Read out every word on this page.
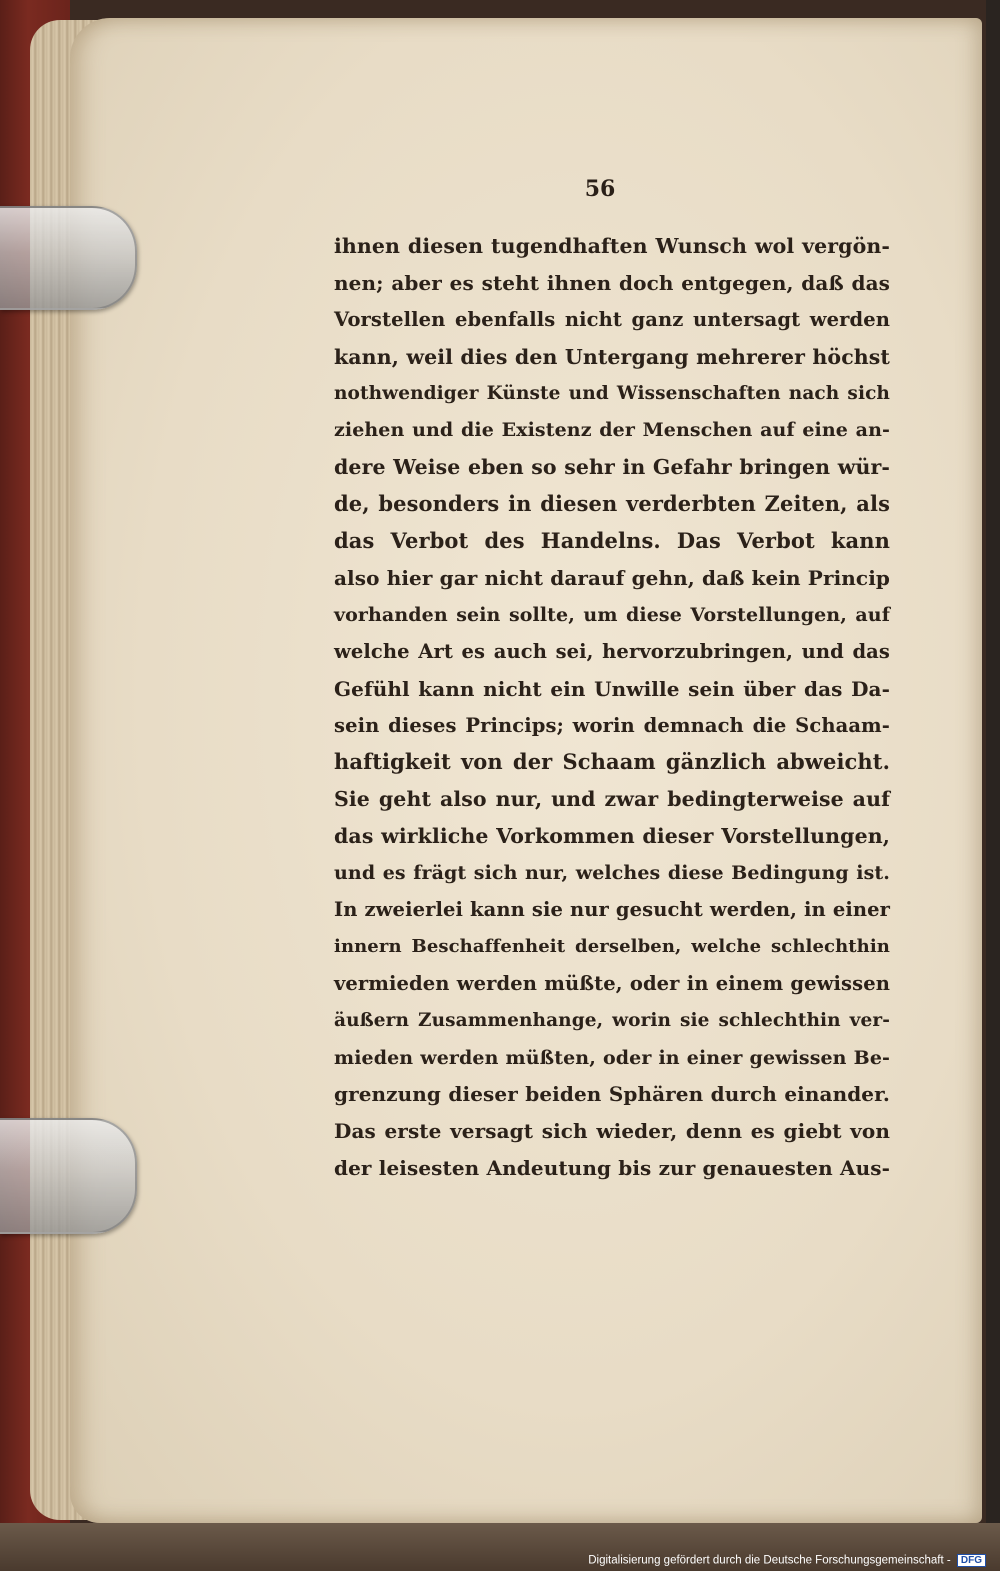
56
ihnen diesen tugendhaften Wunsch wol vergön-
nen; aber es steht ihnen doch entgegen, daß das
Vorstellen ebenfalls nicht ganz untersagt werden
kann, weil dies den Untergang mehrerer höchst
nothwendiger Künste und Wissenschaften nach sich
ziehen und die Existenz der Menschen auf eine an-
dere Weise eben so sehr in Gefahr bringen wür-
de, besonders in diesen verderbten Zeiten, als
das Verbot des Handelns. Das Verbot kann
also hier gar nicht darauf gehn, daß kein Princip
vorhanden sein sollte, um diese Vorstellungen, auf
welche Art es auch sei, hervorzubringen, und das
Gefühl kann nicht ein Unwille sein über das Da-
sein dieses Princips; worin demnach die Schaam-
haftigkeit von der Schaam gänzlich abweicht.
Sie geht also nur, und zwar bedingterweise auf
das wirkliche Vorkommen dieser Vorstellungen,
und es frägt sich nur, welches diese Bedingung ist.
In zweierlei kann sie nur gesucht werden, in einer
innern Beschaffenheit derselben, welche schlechthin
vermieden werden müßte, oder in einem gewissen
äußern Zusammenhange, worin sie schlechthin ver-
mieden werden müßten, oder in einer gewissen Be-
grenzung dieser beiden Sphären durch einander.
Das erste versagt sich wieder, denn es giebt von
der leisesten Andeutung bis zur genauesten Aus-
Digitalisierung gefördert durch die Deutsche Forschungsgemeinschaft - DFG
